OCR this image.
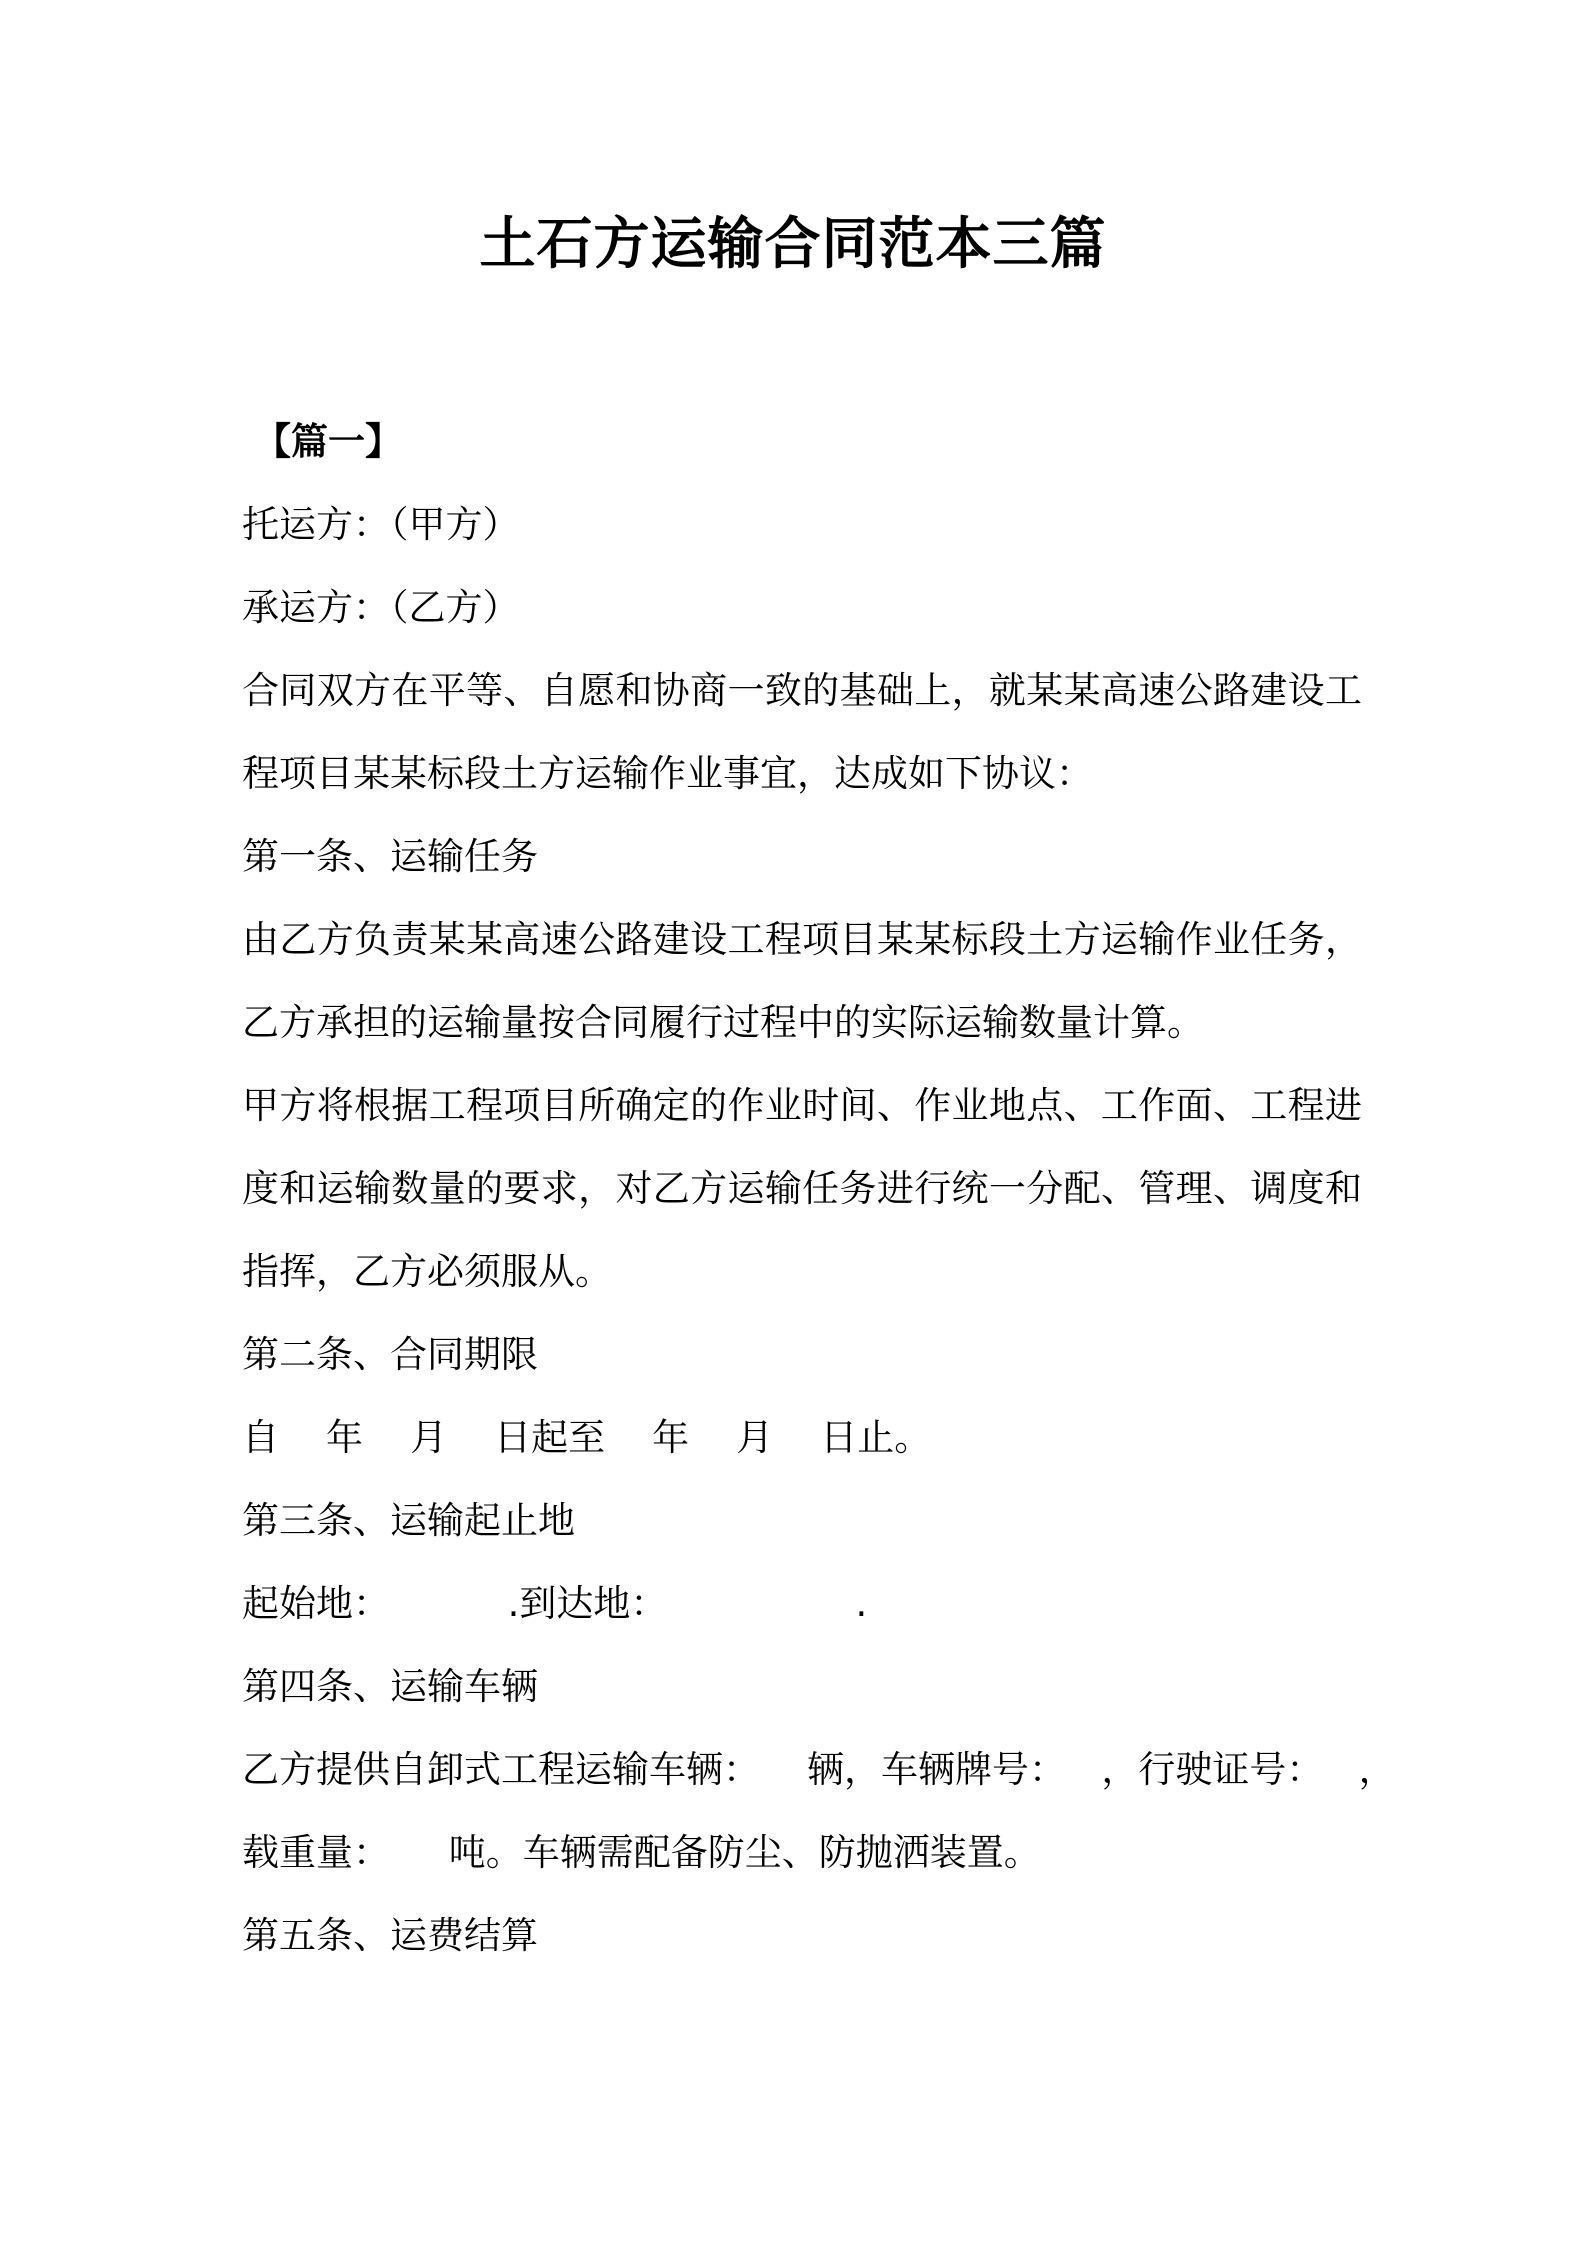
土石方运输合同范本三篇
【篇一】
托运方：（甲方）
承运方：（乙方）
合同双方在平等、自愿和协商一致的基础上，就某某高速公路建设工
程项目某某标段土方运输作业事宜，达成如下协议：
第一条、运输任务
由乙方负责某某高速公路建设工程项目某某标段土方运输作业任务，
乙方承担的运输量按合同履行过程中的实际运输数量计算。
甲方将根据工程项目所确定的作业时间、作业地点、工作面、工程进
度和运输数量的要求，对乙方运输任务进行统一分配、管理、调度和
指挥，乙方必须服从。
第二条、合同期限
自    年    月    日起至    年    月    日止。
第三条、运输起止地
起始地：          .到达地：                .
第四条、运输车辆
乙方提供自卸式工程运输车辆：    辆，车辆牌号：   ，行驶证号：   ，
载重量：     吨。车辆需配备防尘、防抛洒装置。
第五条、运费结算
